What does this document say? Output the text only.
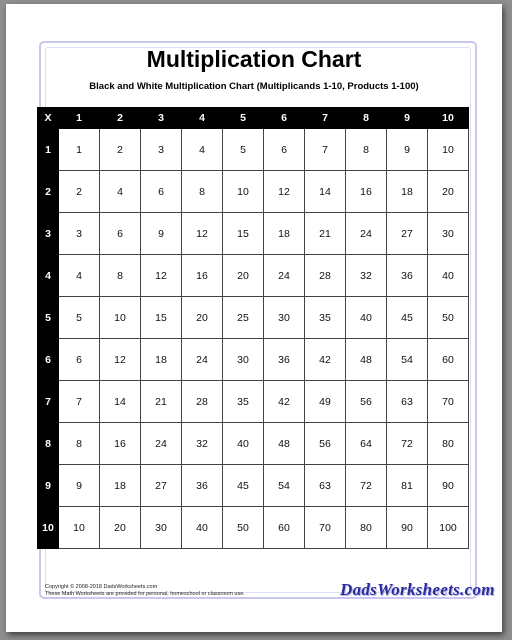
Multiplication Chart
Black and White Multiplication Chart (Multiplicands 1-10, Products 1-100)
X	1	2	3	4	5	6	7	8	9	10
1	1	2	3	4	5	6	7	8	9	10
2	2	4	6	8	10	12	14	16	18	20
3	3	6	9	12	15	18	21	24	27	30
4	4	8	12	16	20	24	28	32	36	40
5	5	10	15	20	25	30	35	40	45	50
6	6	12	18	24	30	36	42	48	54	60
7	7	14	21	28	35	42	49	56	63	70
8	8	16	24	32	40	48	56	64	72	80
9	9	18	27	36	45	54	63	72	81	90
10	10	20	30	40	50	60	70	80	90	100
Copyright © 2008-2018 DadsWorksheets.com
These Math Worksheets are provided for personal, homeschool or classroom use.	DadsWorksheets.com
